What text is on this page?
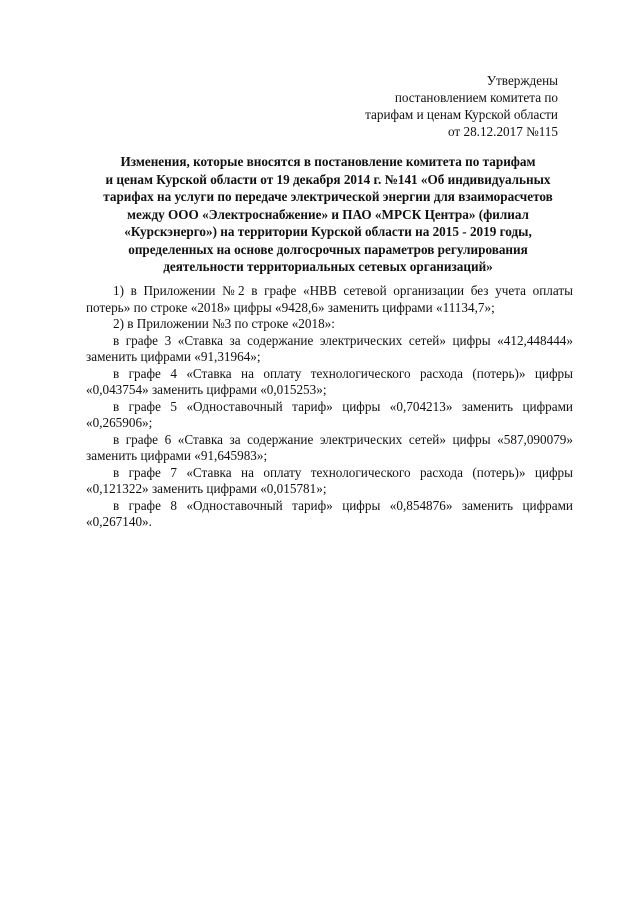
Утверждены
постановлением комитета по
тарифам и ценам Курской области
от 28.12.2017 №115
Изменения, которые вносятся в постановление комитета по тарифам
и ценам Курской области от 19 декабря 2014 г. №141 «Об индивидуальных
тарифах на услуги по передаче электрической энергии для взаиморасчетов
между ООО «Электроснабжение» и ПАО «МРСК Центра» (филиал
«Курскэнерго») на территории Курской области на 2015 - 2019 годы,
определенных на основе долгосрочных параметров регулирования
деятельности территориальных сетевых организаций»

1) в Приложении №2 в графе «НВВ сетевой организации без учета оплаты потерь» по строке «2018» цифры «9428,6» заменить цифрами «11134,7»;

2) в Приложении №3 по строке «2018»:

в графе 3 «Ставка за содержание электрических сетей» цифры «412,448444» заменить цифрами «91,31964»;

в графе 4 «Ставка на оплату технологического расхода (потерь)» цифры «0,043754» заменить цифрами «0,015253»;

в графе 5 «Одноставочный тариф» цифры «0,704213» заменить цифрами «0,265906»;

в графе 6 «Ставка за содержание электрических сетей» цифры «587,090079» заменить цифрами «91,645983»;

в графе 7 «Ставка на оплату технологического расхода (потерь)» цифры «0,121322» заменить цифрами «0,015781»;

в графе 8 «Одноставочный тариф» цифры «0,854876» заменить цифрами «0,267140».
